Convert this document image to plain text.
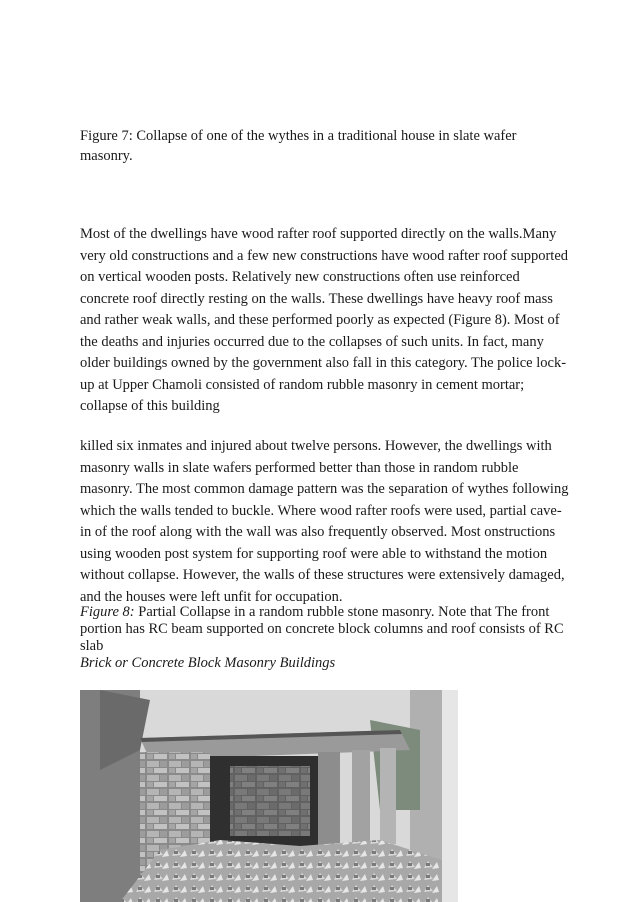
Figure 7: Collapse of one of the wythes in a traditional house in slate wafer masonry.
Most of the dwellings have wood rafter roof supported directly on the walls.Many very old constructions and a few new constructions have wood rafter roof supported on vertical wooden posts. Relatively new constructions often use reinforced concrete roof directly resting on the walls. These dwellings have heavy roof mass and rather weak walls, and these performed poorly as expected (Figure 8). Most of the deaths and injuries occurred due to the collapses of such units. In fact, many older buildings owned by the government also fall in this category. The police lock-up at Upper Chamoli consisted of random rubble masonry in cement mortar; collapse of this building
killed six inmates and injured about twelve persons. However, the dwellings with masonry walls in slate wafers performed better than those in random rubble masonry. The most common damage pattern was the separation of wythes following which the walls tended to buckle. Where wood rafter roofs were used, partial cave-in of the roof along with the wall was also frequently observed. Most onstructions using wooden post system for supporting roof were able to withstand the motion without collapse. However, the walls of these structures were extensively damaged, and the houses were left unfit for occupation.
Figure 8: Partial Collapse in a random rubble stone masonry. Note that The front portion has RC beam supported on concrete block columns and roof consists of RC slab
Brick or Concrete Block Masonry Buildings
